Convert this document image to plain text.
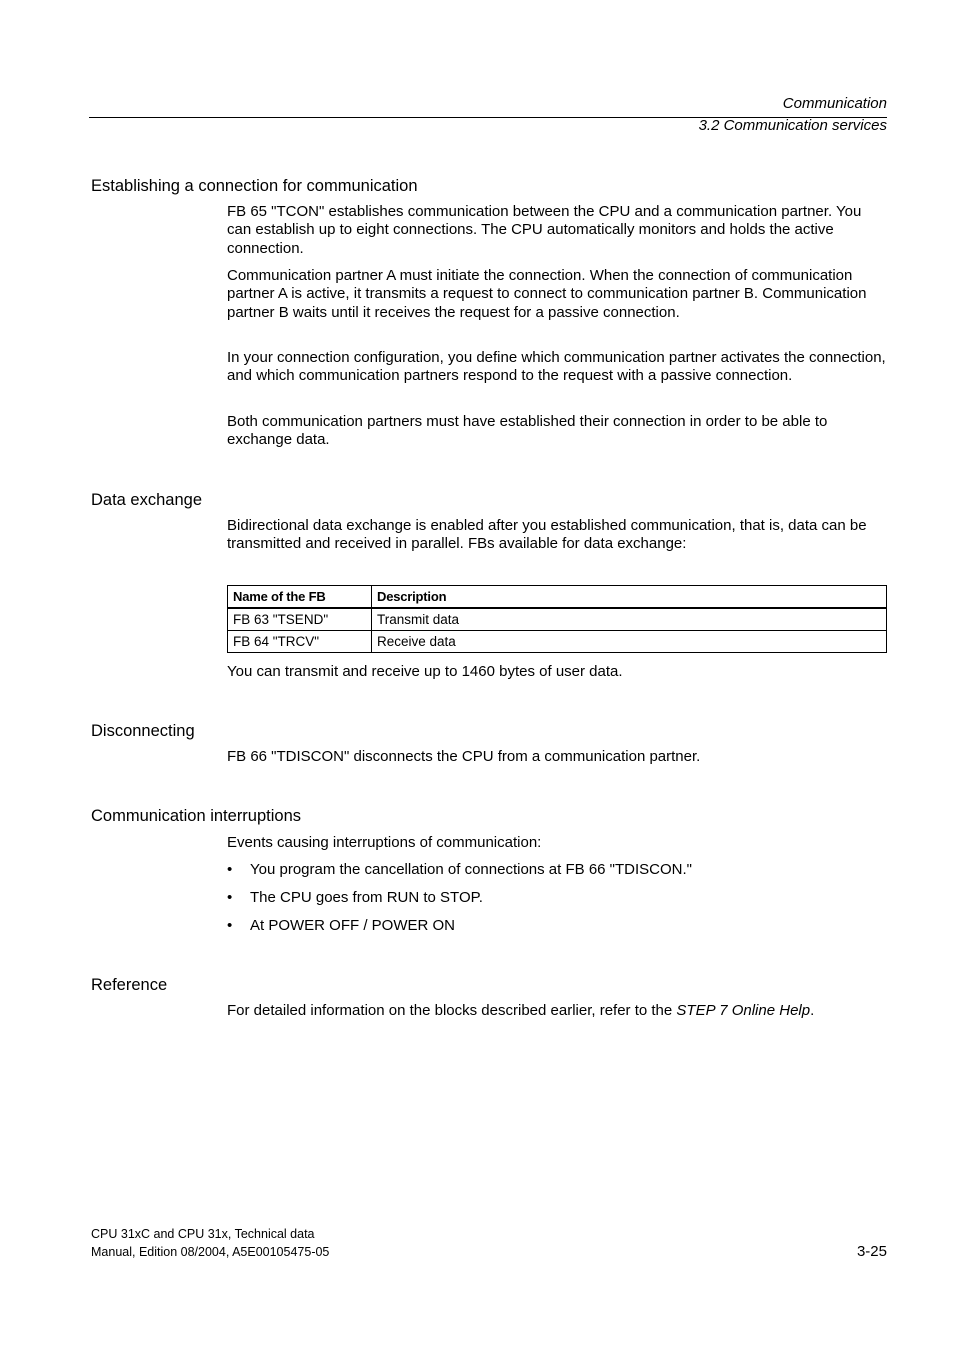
Communication
3.2 Communication services
Establishing a connection for communication

FB 65 "TCON" establishes communication between the CPU and a communication partner. You can establish up to eight connections. The CPU automatically monitors and holds the active connection.

Communication partner A must initiate the connection. When the connection of communication partner A is active, it transmits a request to connect to communication partner B. Communication partner B waits until it receives the request for a passive connection.

In your connection configuration, you define which communication partner activates the connection, and which communication partners respond to the request with a passive connection.

Both communication partners must have established their connection in order to be able to exchange data.

Data exchange

Bidirectional data exchange is enabled after you established communication, that is, data can be transmitted and received in parallel. FBs available for data exchange:

Name of the FB	Description
FB 63 "TSEND"	Transmit data
FB 64 "TRCV"	Receive data

You can transmit and receive up to 1460 bytes of user data.

Disconnecting

FB 66 "TDISCON" disconnects the CPU from a communication partner.

Communication interruptions

Events causing interruptions of communication:

• You program the cancellation of connections at FB 66 "TDISCON."
• The CPU goes from RUN to STOP.
• At POWER OFF / POWER ON
Reference

For detailed information on the blocks described earlier, refer to the STEP 7 Online Help.

CPU 31xC and CPU 31x, Technical data
Manual, Edition 08/2004, A5E00105475-05	3-25
